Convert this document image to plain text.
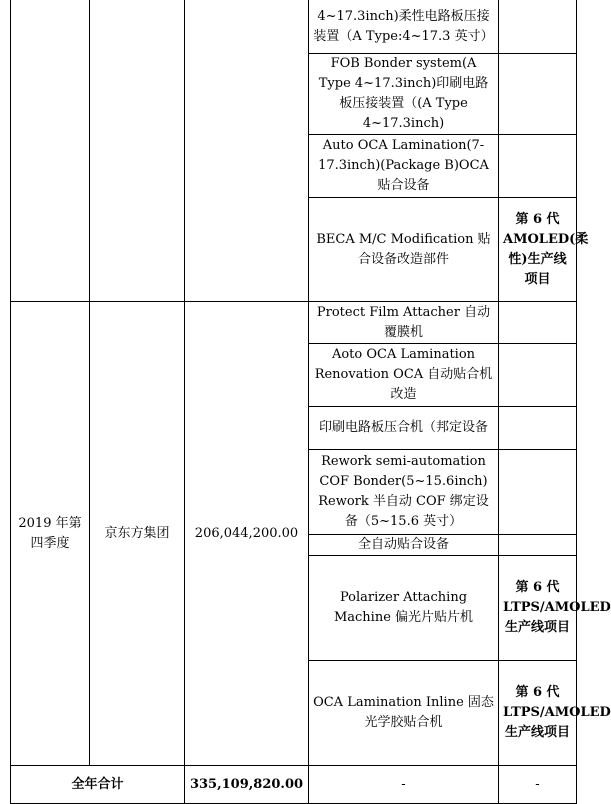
			4~17.3inch)柔性电路板压接装置（A Type:4~17.3 英寸）	
			FOB Bonder system(A Type 4~17.3inch)印刷电路板压接装置（(A Type 4~17.3inch)	
			Auto OCA Lamination(7-17.3inch)(Package B)OCA 贴合设备	
			BECA M/C Modification 贴合设备改造部件	第 6 代 AMOLED(柔性)生产线项目
2019 年第四季度	京东方集团	206,044,200.00	Protect Film Attacher 自动覆膜机	
			Aoto OCA Lamination Renovation OCA 自动贴合机改造	
			印刷电路板压合机（邦定设备	
			Rework semi-automation COF Bonder(5~15.6inch) Rework 半自动 COF 绑定设备（5~15.6 英寸）	
			全自动贴合设备	
			Polarizer Attaching Machine 偏光片贴片机	第 6 代 LTPS/AMOLED 生产线项目
			OCA Lamination Inline 固态光学胶贴合机	第 6 代 LTPS/AMOLED 生产线项目
全年合计		335,109,820.00	-	-
